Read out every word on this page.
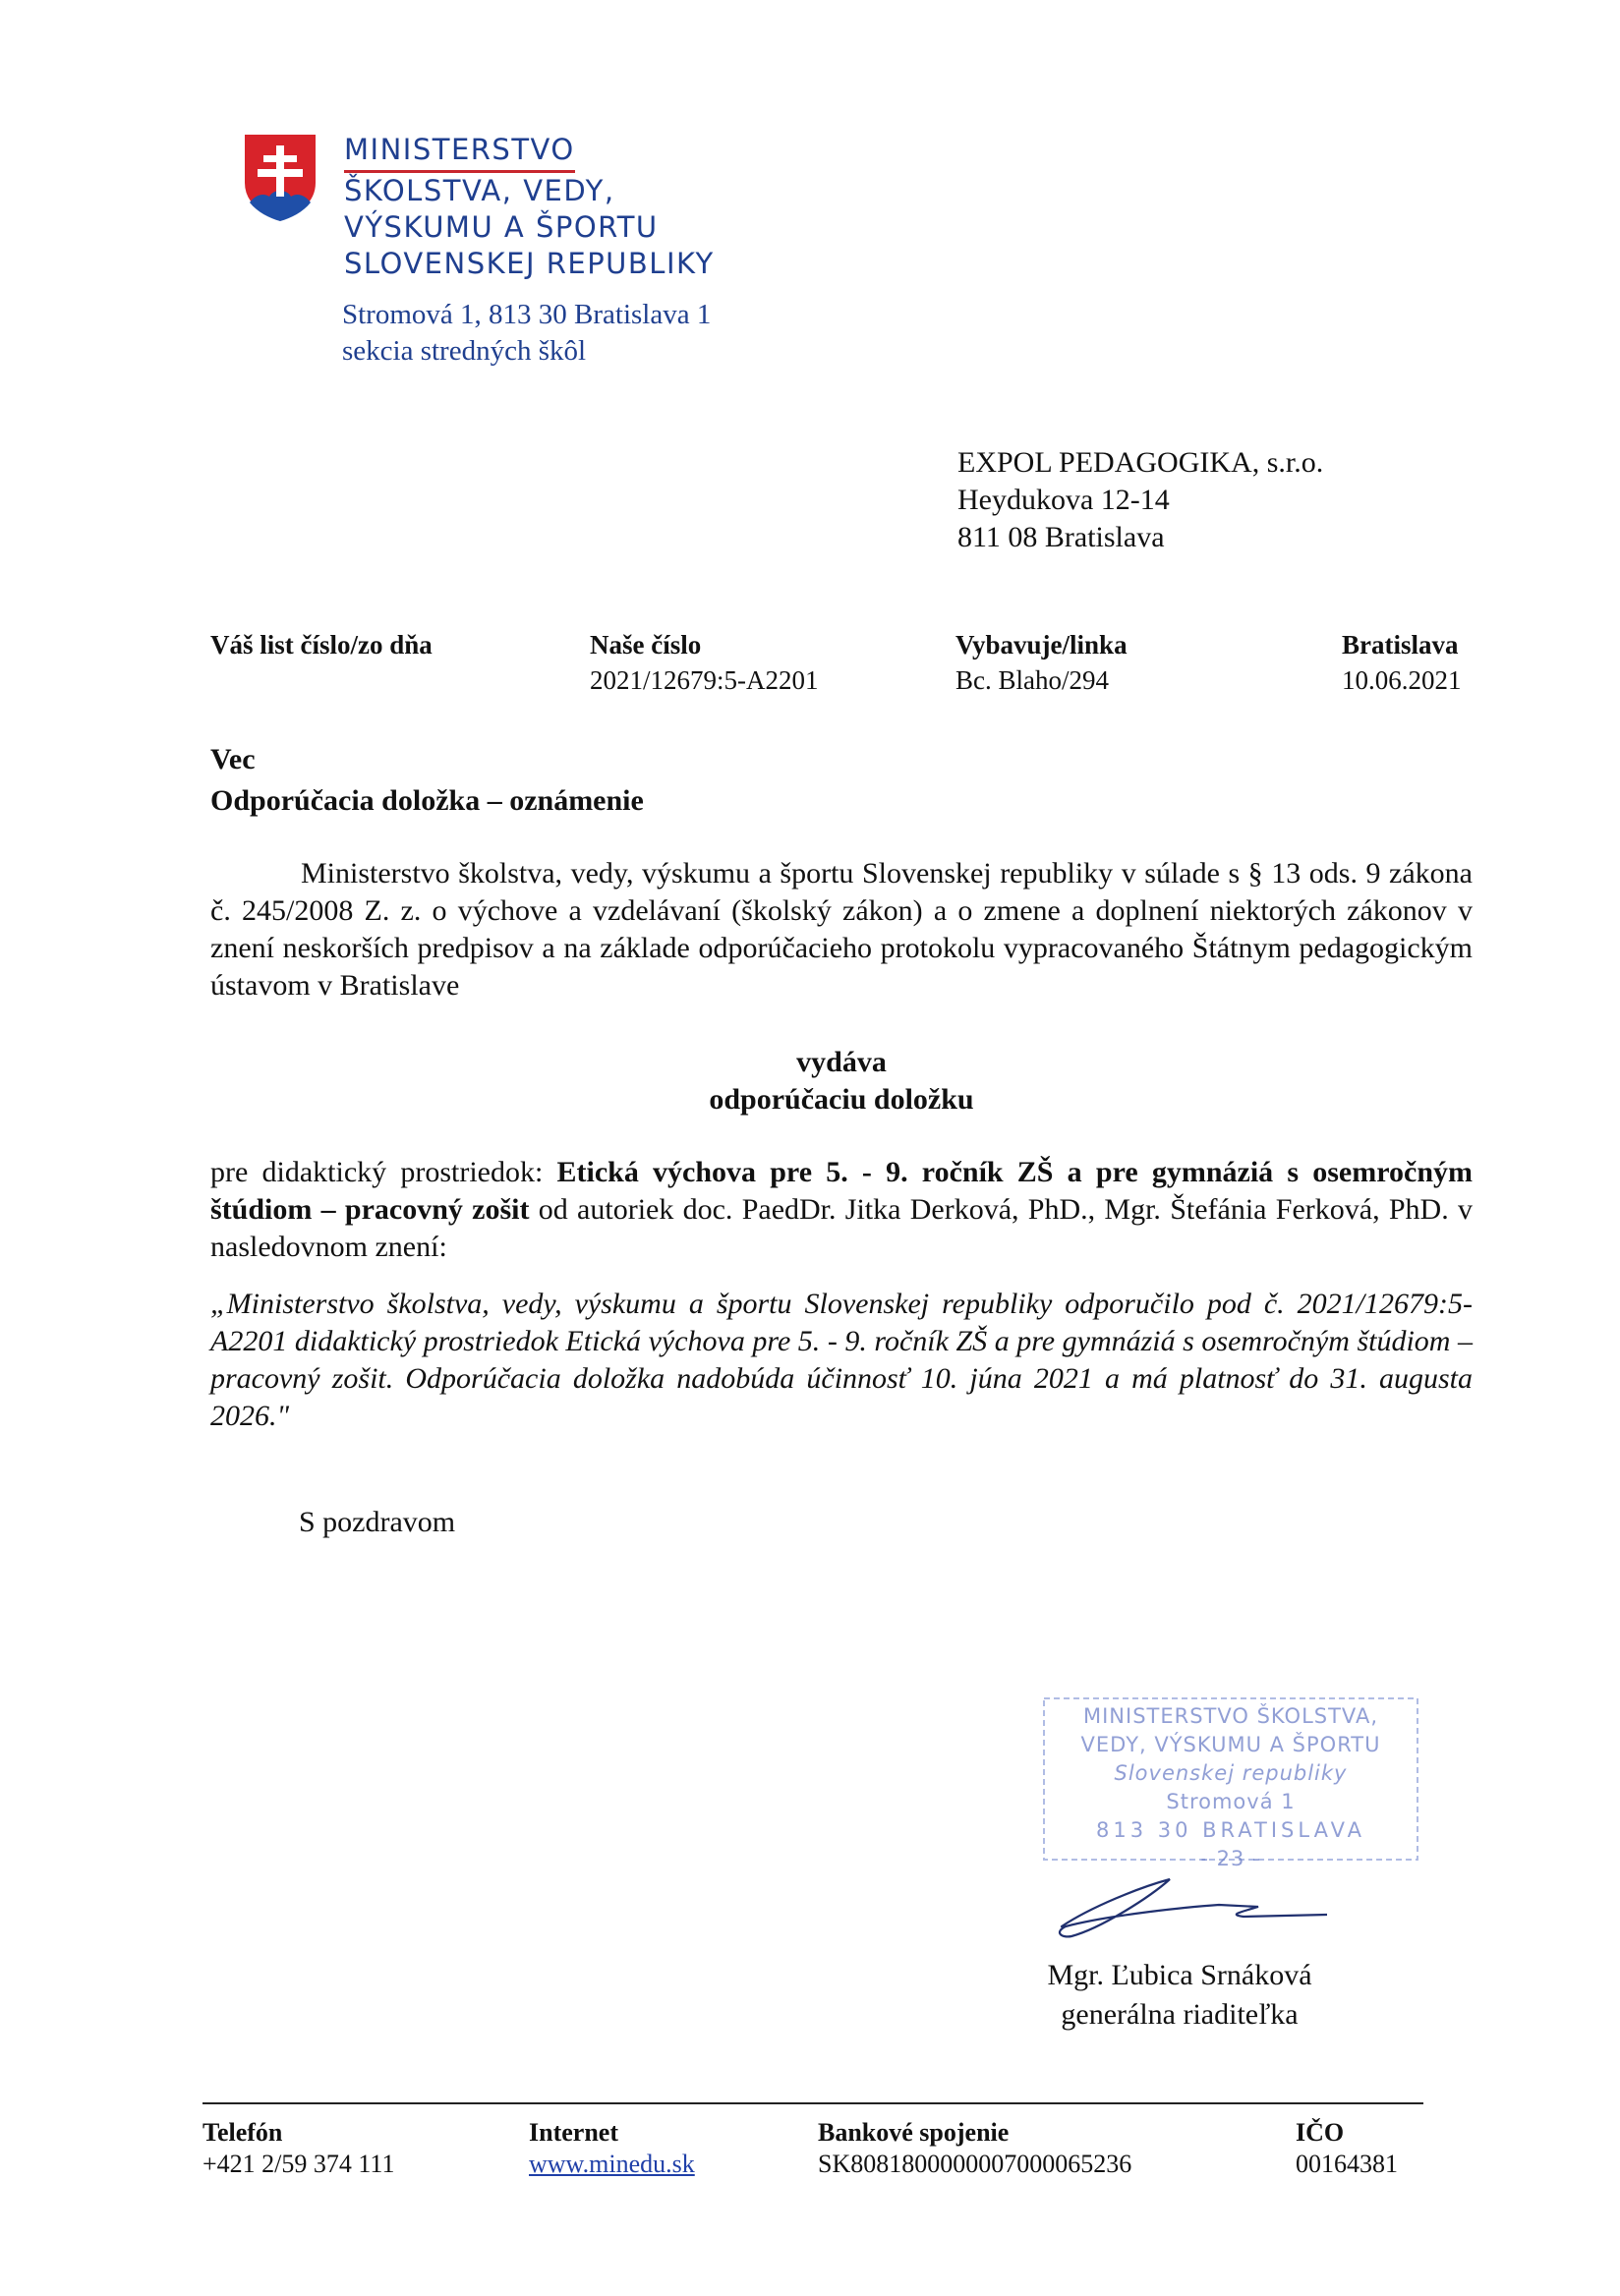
MINISTERSTVO
ŠKOLSTVA, VEDY,
VÝSKUMU A ŠPORTU
SLOVENSKEJ REPUBLIKY
Stromová 1, 813 30 Bratislava 1
sekcia stredných škôl
EXPOL PEDAGOGIKA, s.r.o.
Heydukova 12-14
811 08 Bratislava
Váš list číslo/zo dňa	Naše číslo
2021/12679:5-A2201
Vybavuje/linka
Bc. Blaho/294
Bratislava
10.06.2021
Vec
Odporúčacia doložka – oznámenie
Ministerstvo školstva, vedy, výskumu a športu Slovenskej republiky v súlade s § 13 ods. 9 zákona č. 245/2008 Z. z. o výchove a vzdelávaní (školský zákon) a o zmene a doplnení niektorých zákonov v znení neskorších predpisov a na základe odporúčacieho protokolu vypracovaného Štátnym pedagogickým ústavom v Bratislave
vydáva
odporúčaciu doložku
pre didaktický prostriedok: Etická výchova pre 5. - 9. ročník ZŠ a pre gymnáziá s osemročným štúdiom – pracovný zošit od autoriek doc. PaedDr. Jitka Derková, PhD., Mgr. Štefánia Ferková, PhD. v nasledovnom znení:
„Ministerstvo školstva, vedy, výskumu a športu Slovenskej republiky odporučilo pod č. 2021/12679:5-A2201 didaktický prostriedok Etická výchova pre 5. - 9. ročník ZŠ a pre gymnáziá s osemročným štúdiom – pracovný zošit. Odporúčacia doložka nadobúda účinnosť 10. júna 2021 a má platnosť do 31. augusta 2026."
S pozdravom
MINISTERSTVO ŠKOLSTVA,
VEDY, VÝSKUMU A ŠPORTU
Slovenskej republiky
Stromová 1
813 30 BRATISLAVA
- 23 -
Mgr. Ľubica Srnáková
generálna riaditeľka
Telefón
+421 2/59 374 111
Internet
www.minedu.sk
Bankové spojenie
SK8081800000007000065236
IČO
00164381
